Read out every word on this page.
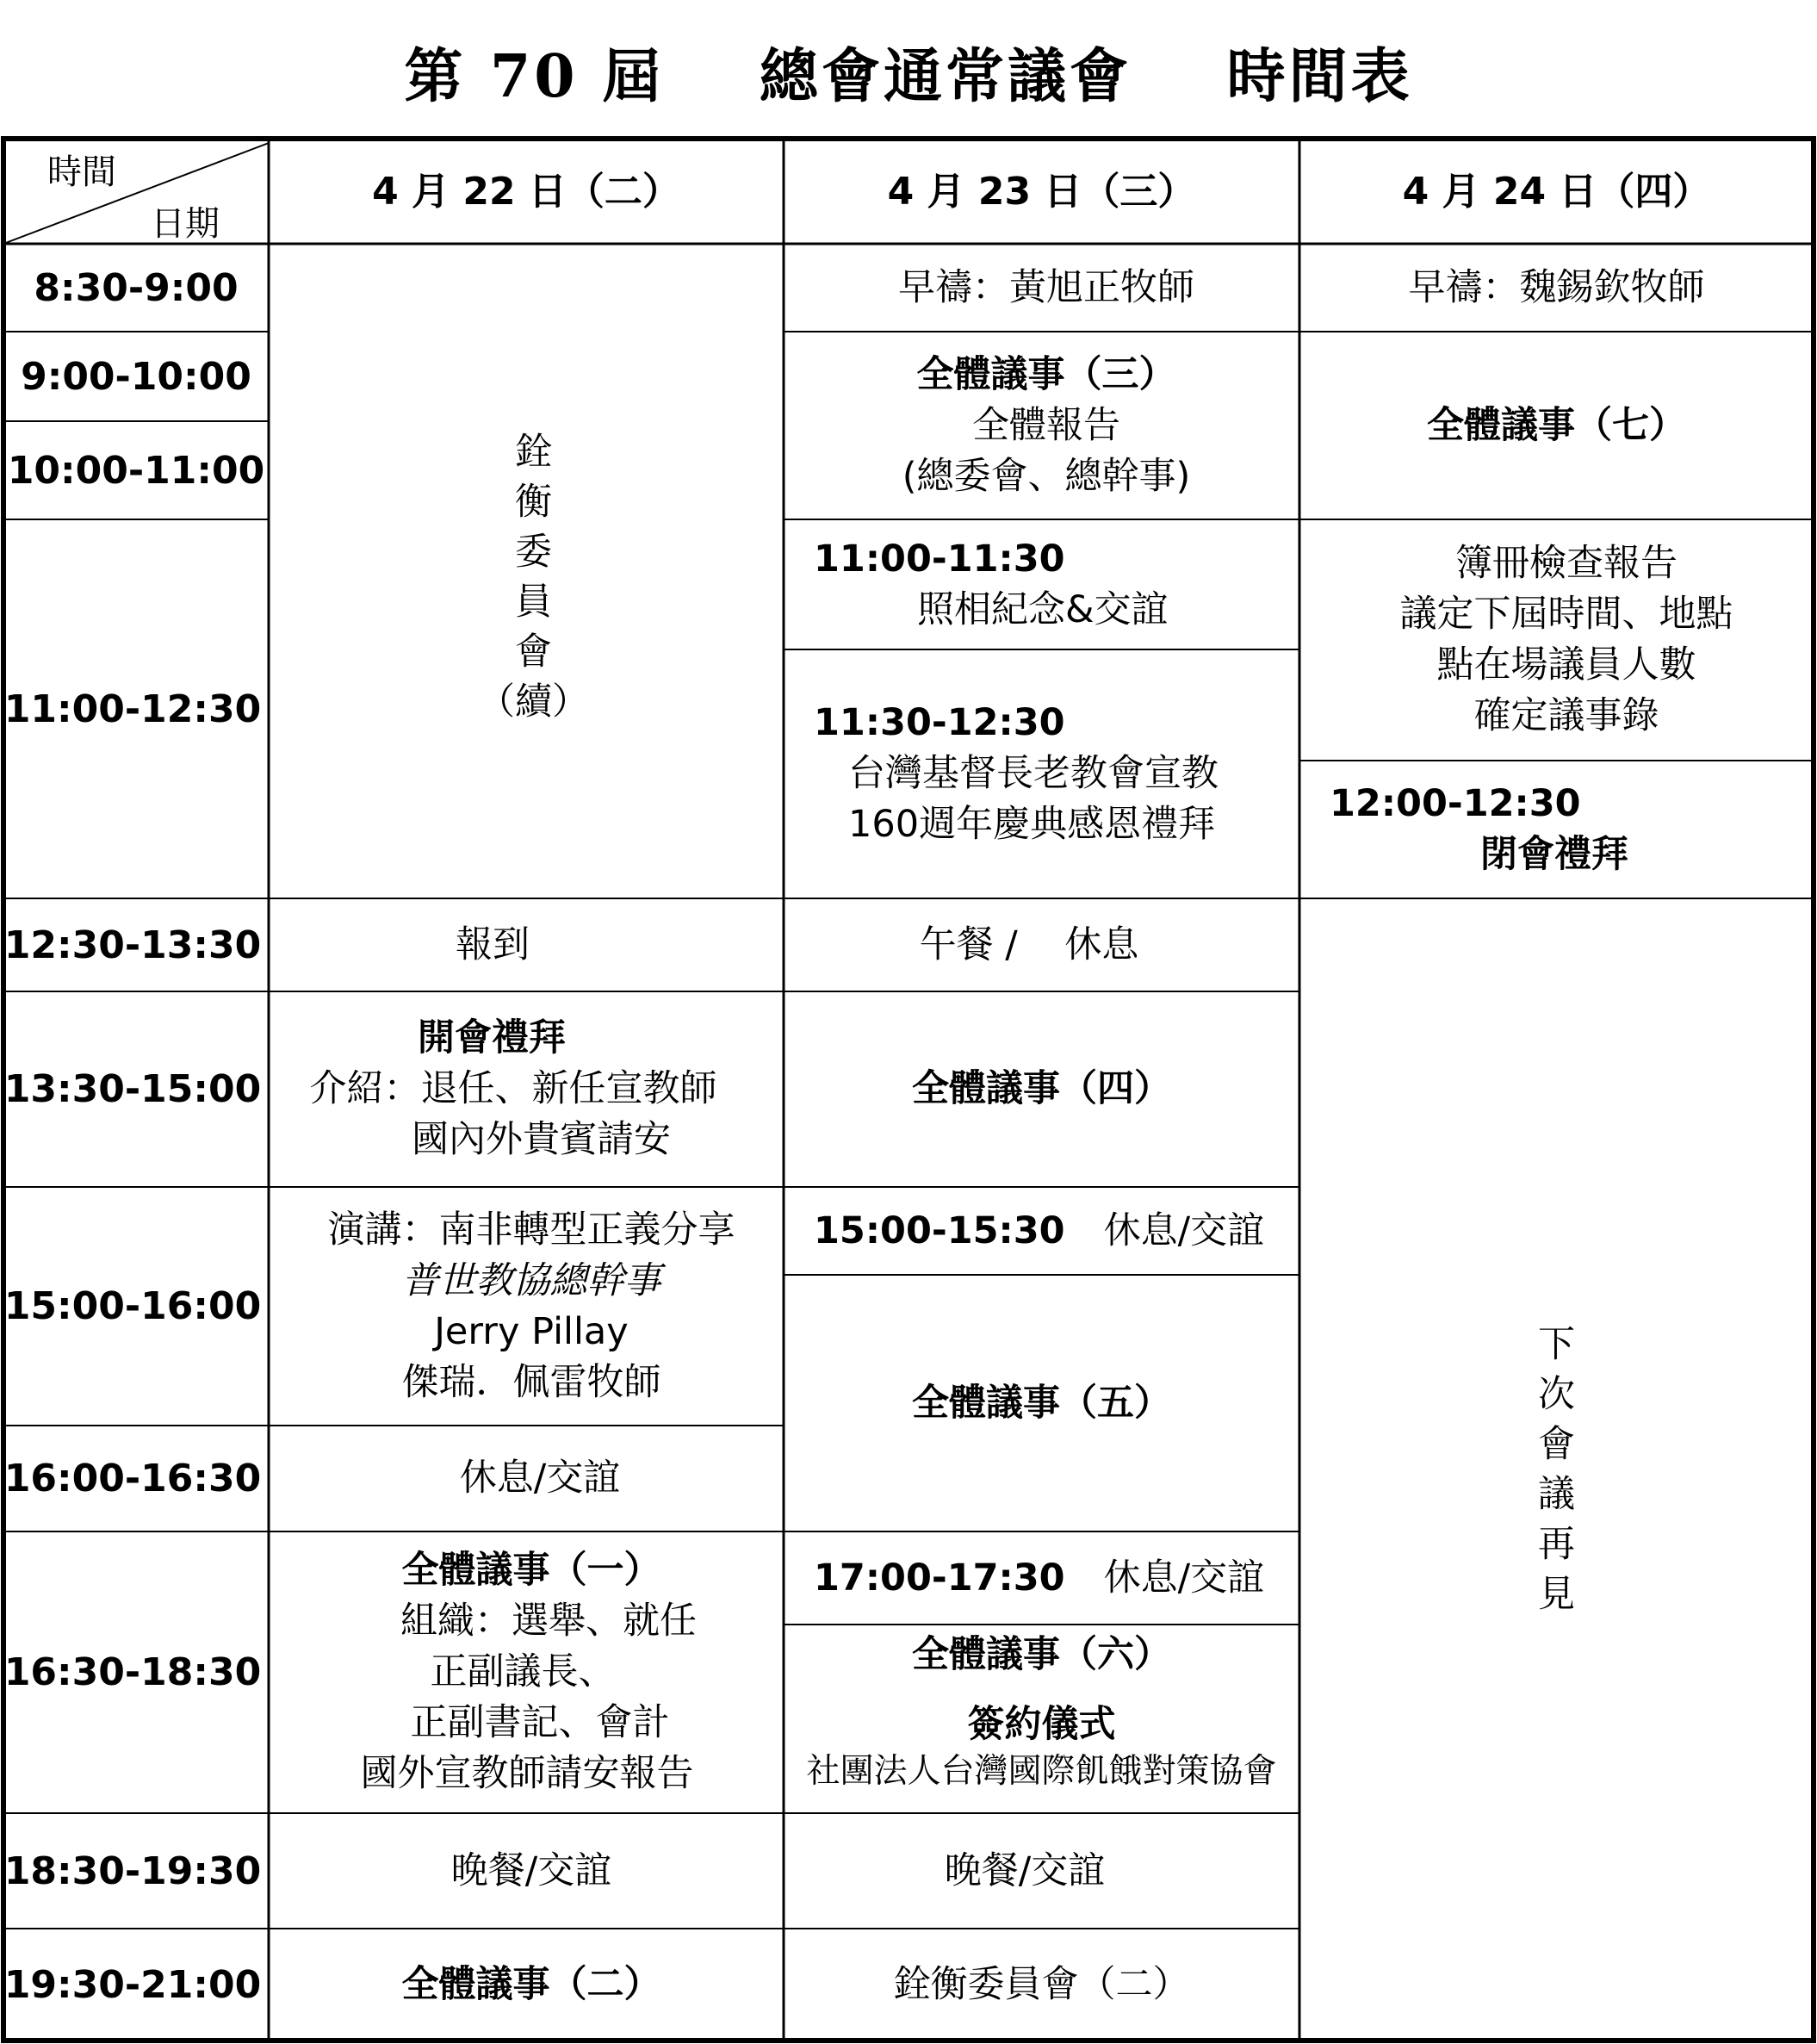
第 70 屆    總會通常議會    時間表
時間
日期
4 月 22 日（二）	4 月 23 日（三）	4 月 24 日（四）
8:30-9:00
9:00-10:00
10:00-11:00
11:00-12:30
12:30-13:30
13:30-15:00
15:00-16:00
16:00-16:30
16:30-18:30
18:30-19:30
19:30-21:00
銓
衡
委
員
會
（續）
報到
開會禮拜
介紹：退任、新任宣教師
國內外貴賓請安
演講：南非轉型正義分享
普世教協總幹事
Jerry Pillay
傑瑞．佩雷牧師
休息/交誼
全體議事（一）
組織：選舉、就任
正副議長、
正副書記、會計
國外宣教師請安報告
晚餐/交誼
全體議事（二）
早禱：黃旭正牧師
全體議事（三）
全體報告
(總委會、總幹事)
11:00-11:30
照相紀念&交誼
11:30-12:30
台灣基督長老教會宣教
160週年慶典感恩禮拜
午餐 /    休息
全體議事（四）
15:00-15:30 休息/交誼
全體議事（五）
17:00-17:30 休息/交誼
全體議事（六）
簽約儀式
社團法人台灣國際飢餓對策協會
晚餐/交誼
銓衡委員會（二）
早禱：魏錫欽牧師
全體議事（七）
簿冊檢查報告
議定下屆時間、地點
點在場議員人數
確定議事錄
12:00-12:30
閉會禮拜
下
次
會
議
再
見
